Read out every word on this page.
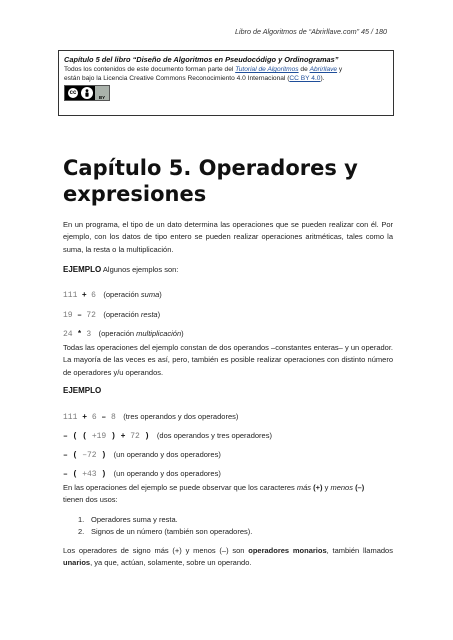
Libro de Algoritmos de “Abrirllave.com” 45 / 180
Capítulo 5 del libro “Diseño de Algoritmos en Pseudocódigo y Ordinogramas”
Todos los contenidos de este documento forman parte del Tutorial de Algoritmos de Abrirllave y
están bajo la Licencia Creative Commons Reconocimiento 4.0 Internacional (CC BY 4.0).
cc
BY
Capítulo 5. Operadores y expresiones
En un programa, el tipo de un dato determina las operaciones que se pueden realizar con él. Por ejemplo, con los datos de tipo entero se pueden realizar operaciones aritméticas, tales como la suma, la resta o la multiplicación.
EJEMPLO Algunos ejemplos son:
111 + 6 (operación suma)
19 – 72 (operación resta)
24 * 3 (operación multiplicación)
Todas las operaciones del ejemplo constan de dos operandos –constantes enteras– y un operador. La mayoría de las veces es así, pero, también es posible realizar operaciones con distinto número de operadores y/u operandos.
EJEMPLO
111 + 6 – 8 (tres operandos y dos operadores)
– ( ( +19 ) + 72 ) (dos operandos y tres operadores)
– ( –72 ) (un operando y dos operadores)
– ( +43 ) (un operando y dos operadores)
En las operaciones del ejemplo se puede observar que los caracteres más (+) y menos (–)
tienen dos usos:
1. Operadores suma y resta.
2. Signos de un número (también son operadores).
Los operadores de signo más (+) y menos (–) son operadores monarios, también llamados unarios, ya que, actúan, solamente, sobre un operando.
